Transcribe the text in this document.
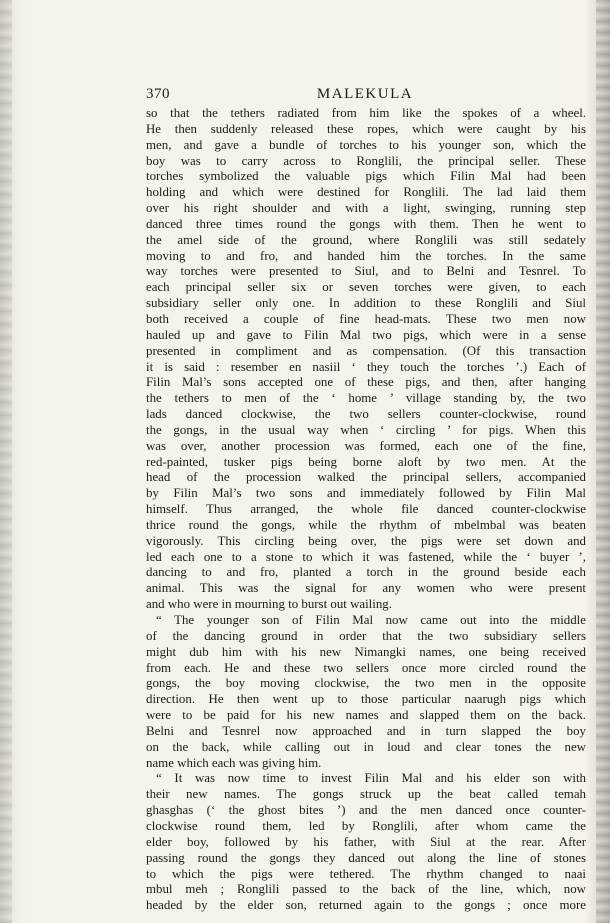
370	MALEKULA
so that the tethers radiated from him like the spokes of a wheel.
He then suddenly released these ropes, which were caught by his
men, and gave a bundle of torches to his younger son, which the
boy was to carry across to Ronglili, the principal seller. These
torches symbolized the valuable pigs which Filin Mal had been
holding and which were destined for Ronglili. The lad laid them
over his right shoulder and with a light, swinging, running step
danced three times round the gongs with them. Then he went to
the amel side of the ground, where Ronglili was still sedately
moving to and fro, and handed him the torches. In the same
way torches were presented to Siul, and to Belni and Tesnrel. To
each principal seller six or seven torches were given, to each
subsidiary seller only one. In addition to these Ronglili and Siul
both received a couple of fine head-mats. These two men now
hauled up and gave to Filin Mal two pigs, which were in a sense
presented in compliment and as compensation. (Of this transaction
it is said : resember en nasiil ‘ they touch the torches ’.) Each of
Filin Mal’s sons accepted one of these pigs, and then, after hanging
the tethers to men of the ‘ home ’ village standing by, the two
lads danced clockwise, the two sellers counter-clockwise, round
the gongs, in the usual way when ‘ circling ’ for pigs. When this
was over, another procession was formed, each one of the fine,
red-painted, tusker pigs being borne aloft by two men. At the
head of the procession walked the principal sellers, accompanied
by Filin Mal’s two sons and immediately followed by Filin Mal
himself. Thus arranged, the whole file danced counter-clockwise
thrice round the gongs, while the rhythm of mbelmbal was beaten
vigorously. This circling being over, the pigs were set down and
led each one to a stone to which it was fastened, while the ‘ buyer ’,
dancing to and fro, planted a torch in the ground beside each
animal. This was the signal for any women who were present
and who were in mourning to burst out wailing.
“ The younger son of Filin Mal now came out into the middle
of the dancing ground in order that the two subsidiary sellers
might dub him with his new Nimangki names, one being received
from each. He and these two sellers once more circled round the
gongs, the boy moving clockwise, the two men in the opposite
direction. He then went up to those particular naarugh pigs which
were to be paid for his new names and slapped them on the back.
Belni and Tesnrel now approached and in turn slapped the boy
on the back, while calling out in loud and clear tones the new
name which each was giving him.
“ It was now time to invest Filin Mal and his elder son with
their new names. The gongs struck up the beat called temah
ghasghas (‘ the ghost bites ’) and the men danced once counter-
clockwise round them, led by Ronglili, after whom came the
elder boy, followed by his father, with Siul at the rear. After
passing round the gongs they danced out along the line of stones
to which the pigs were tethered. The rhythm changed to naai
mbul meh ; Ronglili passed to the back of the line, which, now
headed by the elder son, returned again to the gongs ; once more
